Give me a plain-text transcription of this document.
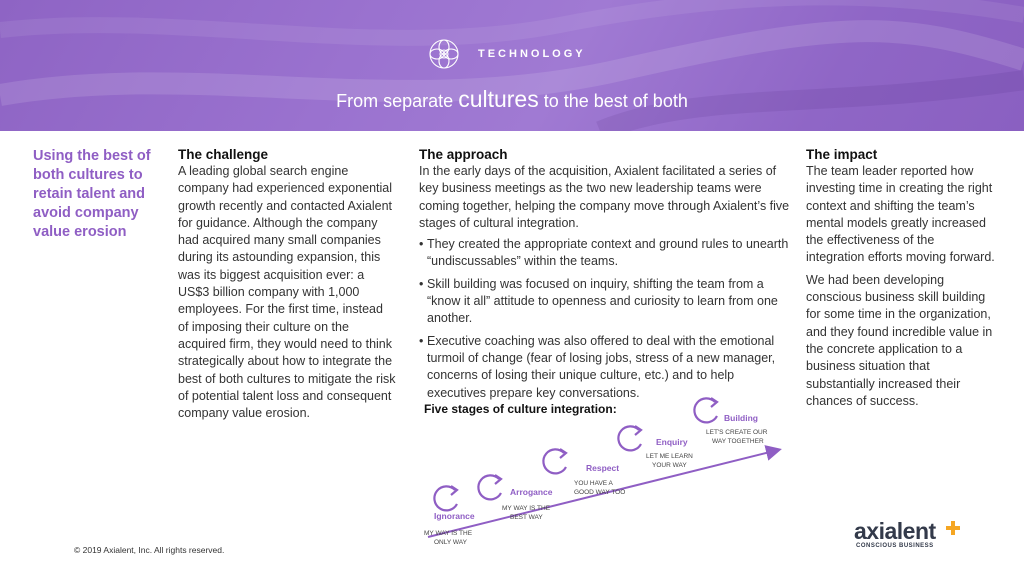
TECHNOLOGY
From separate cultures to the best of both
Using the best of both cultures to retain talent and avoid company value erosion
The challenge

A leading global search engine company had experienced exponential growth recently and contacted Axialent for guidance. Although the company had acquired many small companies during its astounding expansion, this was its biggest acquisition ever: a US$3 billion company with 1,000 employees. For the first time, instead of imposing their culture on the acquired firm, they would need to think strategically about how to integrate the best of both cultures to mitigate the risk of potential talent loss and consequent company value erosion.

The approach

In the early days of the acquisition, Axialent facilitated a series of key business meetings as the two new leadership teams were coming together, helping the company move through Axialent’s five stages of cultural integration.

• They created the appropriate context and ground rules to unearth “undiscussables” within the teams.
• Skill building was focused on inquiry, shifting the team from a “know it all” attitude to openness and curiosity to learn from one another.
• Executive coaching was also offered to deal with the emotional turmoil of change (fear of losing jobs, stress of a new manager, concerns of losing their unique culture, etc.) and to help executives prepare key conversations.
Five stages of culture integration:
Ignorance
MY WAY IS THE
ONLY WAY
Arrogance
MY WAY IS THE
BEST WAY
Respect
YOU HAVE A
GOOD WAY TOO
Enquiry
LET ME LEARN
YOUR WAY
Building
LET'S CREATE OUR
WAY TOGETHER
The impact

The team leader reported how investing time in creating the right context and shifting the team’s mental models greatly increased the effectiveness of the integration efforts moving forward.

We had been developing conscious business skill building for some time in the organization, and they found incredible value in the concrete application to a business situation that substantially increased their chances of success.

© 2019 Axialent, Inc. All rights reserved.
axialent
CONSCIOUS BUSINESS
